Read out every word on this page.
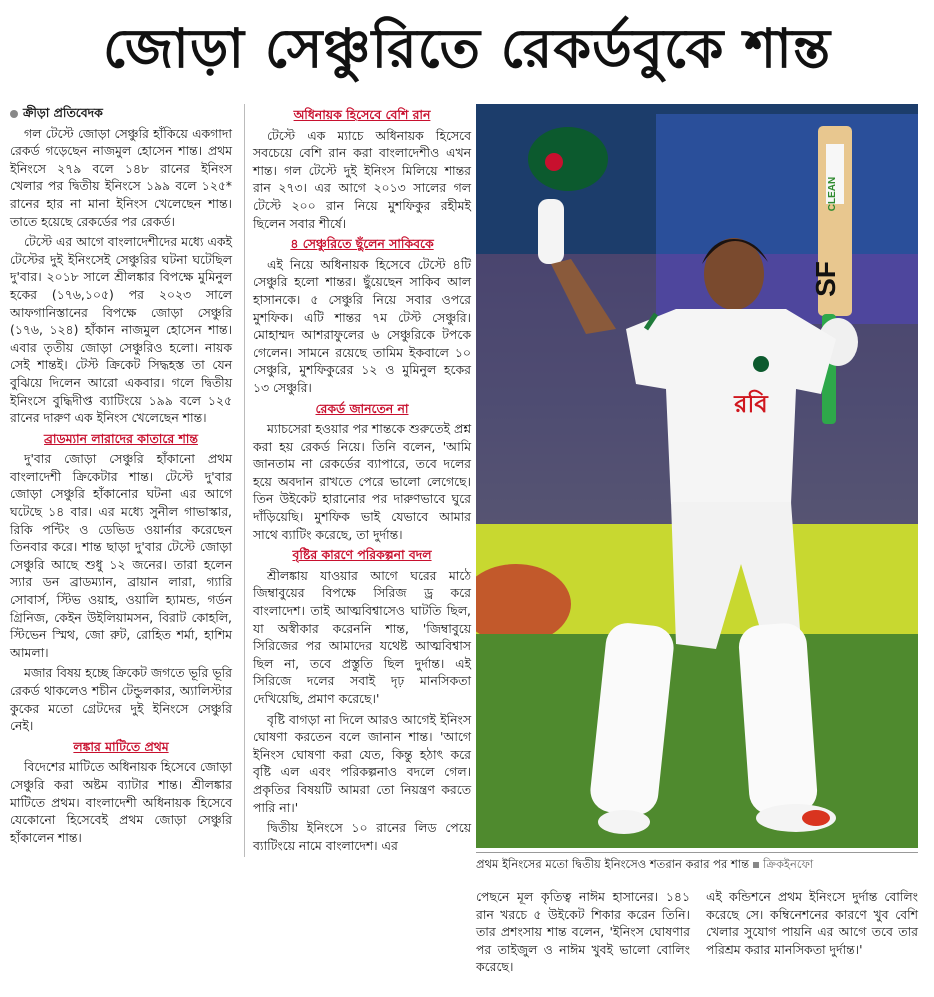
জোড়া সেঞ্চুরিতে রেকর্ডবুকে শান্ত
ক্রীড়া প্রতিবেদক

গল টেস্টে জোড়া সেঞ্চুরি হাঁকিয়ে একগাদা রেকর্ড গড়েছেন নাজমুল হোসেন শান্ত। প্রথম ইনিংসে ২৭৯ বলে ১৪৮ রানের ইনিংস খেলার পর দ্বিতীয় ইনিংসে ১৯৯ বলে ১২৫* রানের হার না মানা ইনিংস খেলেছেন শান্ত। তাতে হয়েছে রেকর্ডের পর রেকর্ড।

টেস্টে এর আগে বাংলাদেশীদের মধ্যে একই টেস্টের দুই ইনিংসেই সেঞ্চুরির ঘটনা ঘটেছিল দু'বার। ২০১৮ সালে শ্রীলঙ্কার বিপক্ষে মুমিনুল হকের (১৭৬,১০৫) পর ২০২৩ সালে আফগানিস্তানের বিপক্ষে জোড়া সেঞ্চুরি (১৭৬, ১২৪) হাঁকান নাজমুল হোসেন শান্ত। এবার তৃতীয় জোড়া সেঞ্চুরিও হলো। নায়ক সেই শান্তই। টেস্ট ক্রিকেট সিদ্ধহস্ত তা যেন বুঝিয়ে দিলেন আরো একবার। গলে দ্বিতীয় ইনিংসে বুদ্ধিদীপ্ত ব্যাটিংয়ে ১৯৯ বলে ১২৫ রানের দারুণ এক ইনিংস খেলেছেন শান্ত।

ব্রাডম্যান লারাদের কাতারে শান্ত

দু'বার জোড়া সেঞ্চুরি হাঁকানো প্রথম বাংলাদেশী ক্রিকেটার শান্ত। টেস্টে দু'বার জোড়া সেঞ্চুরি হাঁকানোর ঘটনা এর আগে ঘটেছে ১৪ বার। এর মধ্যে সুনীল গাভাস্কার, রিকি পন্টিং ও ডেভিড ওয়ার্নার করেছেন তিনবার করে। শান্ত ছাড়া দু'বার টেস্টে জোড়া সেঞ্চুরি আছে শুধু ১২ জনের। তারা হলেন স্যার ডন ব্রাডম্যান, ব্রায়ান লারা, গ্যারি সোবার্স, স্টিভ ওয়াহ, ওয়ালি হ্যামন্ড, গর্ডন গ্রিনিজ, কেইন উইলিয়ামসন, বিরাট কোহলি, স্টিভেন স্মিথ, জো রুট, রোহিত শর্মা, হাশিম আমলা।

মজার বিষয় হচ্ছে ক্রিকেট জগতে ভূরি ভূরি রেকর্ড থাকলেও শচীন টেন্ডুলকার, অ্যালিস্টার কুকের মতো গ্রেটদের দুই ইনিংসে সেঞ্চুরি নেই।

লঙ্কার মাটিতে প্রথম

বিদেশের মাটিতে অধিনায়ক হিসেবে জোড়া সেঞ্চুরি করা অষ্টম ব্যাটার শান্ত। শ্রীলঙ্কার মাটিতে প্রথম। বাংলাদেশী অধিনায়ক হিসেবে যেকোনো হিসেবেই প্রথম জোড়া সেঞ্চুরি হাঁকালেন শান্ত।

অধিনায়ক হিসেবে বেশি রান

টেস্টে এক ম্যাচে অধিনায়ক হিসেবে সবচেয়ে বেশি রান করা বাংলাদেশীও এখন শান্ত। গল টেস্টে দুই ইনিংস মিলিয়ে শান্তর রান ২৭৩। এর আগে ২০১৩ সালের গল টেস্টে ২০০ রান নিয়ে মুশফিকুর রহীমই ছিলেন সবার শীর্ষে।

৪ সেঞ্চুরিতে ছুঁলেন সাকিবকে

এই নিয়ে অধিনায়ক হিসেবে টেস্টে ৪টি সেঞ্চুরি হলো শান্তর। ছুঁয়েছেন সাকিব আল হাসানকে। ৫ সেঞ্চুরি নিয়ে সবার ওপরে মুশফিক। এটি শান্তর ৭ম টেস্ট সেঞ্চুরি। মোহাম্মদ আশরাফুলের ৬ সেঞ্চুরিকে টপকে গেলেন। সামনে রয়েছে তামিম ইকবালে ১০ সেঞ্চুরি, মুশফিকুরের ১২ ও মুমিনুল হকের ১৩ সেঞ্চুরি।

রেকর্ড জানতেন না

ম্যাচসেরা হওয়ার পর শান্তকে শুরুতেই প্রশ্ন করা হয় রেকর্ড নিয়ে। তিনি বলেন, 'আমি জানতাম না রেকর্ডের ব্যাপারে, তবে দলের হয়ে অবদান রাখতে পেরে ভালো লেগেছে। তিন উইকেট হারানোর পর দারুণভাবে ঘুরে দাঁড়িয়েছি। মুশফিক ভাই যেভাবে আমার সাথে ব্যাটিং করেছে, তা দুর্দান্ত।

বৃষ্টির কারণে পরিকল্পনা বদল

শ্রীলঙ্কায় যাওয়ার আগে ঘরের মাঠে জিম্বাবুয়ের বিপক্ষে সিরিজ ড্র করে বাংলাদেশ। তাই আত্মবিশ্বাসেও ঘাটতি ছিল, যা অস্বীকার করেননি শান্ত, 'জিম্বাবুয়ে সিরিজের পর আমাদের যথেষ্ট আত্মবিশ্বাস ছিল না, তবে প্রস্তুতি ছিল দুর্দান্ত। এই সিরিজে দলের সবাই দৃঢ় মানসিকতা দেখিয়েছি, প্রমাণ করেছে।'

বৃষ্টি বাগড়া না দিলে আরও আগেই ইনিংস ঘোষণা করতেন বলে জানান শান্ত। 'আগে ইনিংস ঘোষণা করা যেত, কিন্তু হঠাৎ করে বৃষ্টি এল এবং পরিকল্পনাও বদলে গেল। প্রকৃতির বিষয়টি আমরা তো নিয়ন্ত্রণ করতে পারি না।'

দ্বিতীয় ইনিংসে ১০ রানের লিড পেয়ে ব্যাটিংয়ে নামে বাংলাদেশ। এর

SF
CLEAN
রবি
প্রথম ইনিংসের মতো দ্বিতীয় ইনিংসেও শতরান করার পর শান্ত ক্রিকইনফো

পেছনে মূল কৃতিত্ব নাঈম হাসানের। ১৪১ রান খরচে ৫ উইকেট শিকার করেন তিনি। তার প্রশংসায় শান্ত বলেন, 'ইনিংস ঘোষণার পর তাইজুল ও নাঈম খুবই ভালো বোলিং করেছে।

এই কন্ডিশনে প্রথম ইনিংসে দুর্দান্ত বোলিং করেছে সে। কম্বিনেশনের কারণে খুব বেশি খেলার সুযোগ পায়নি এর আগে তবে তার পরিশ্রম করার মানসিকতা দুর্দান্ত।'
